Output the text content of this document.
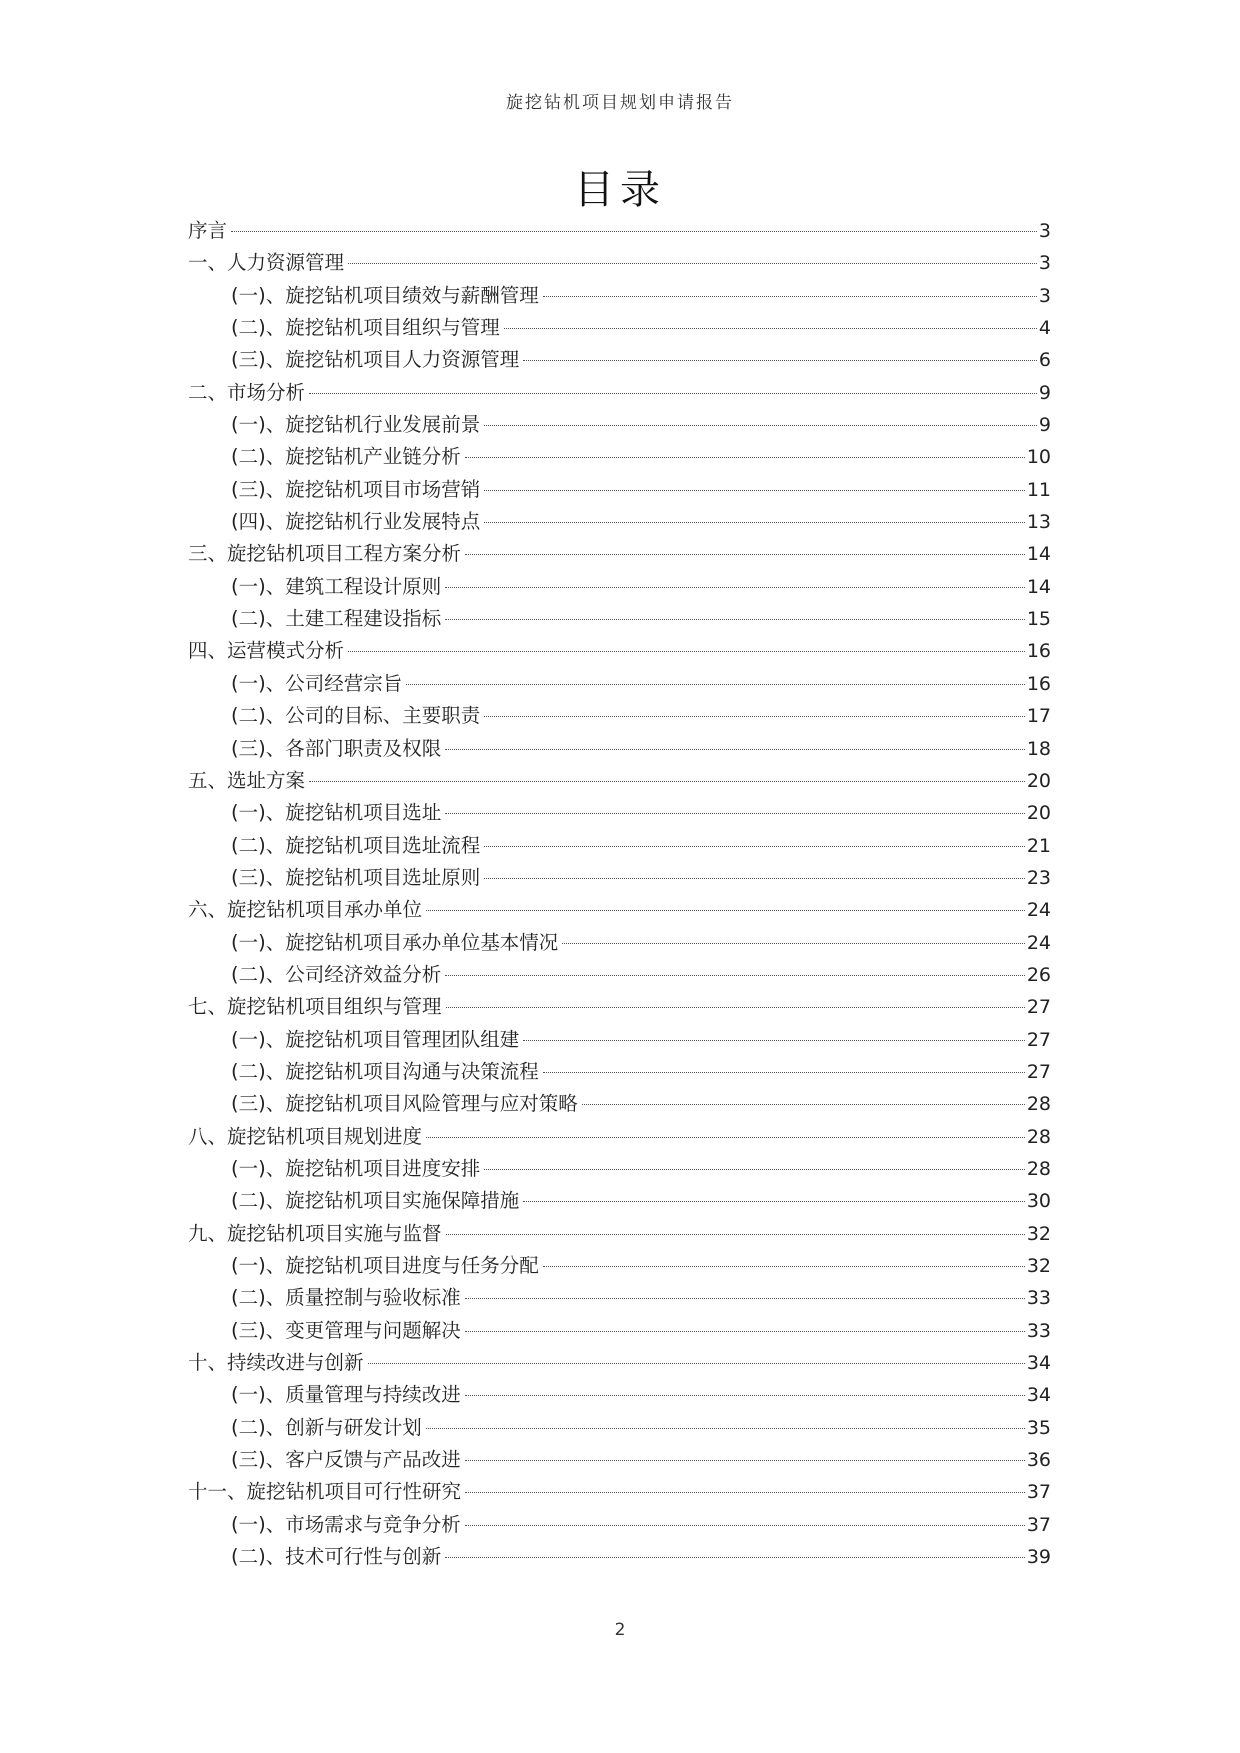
旋挖钻机项目规划申请报告
目录
序言	3
一、人力资源管理	3
(一)、旋挖钻机项目绩效与薪酬管理	3
(二)、旋挖钻机项目组织与管理	4
(三)、旋挖钻机项目人力资源管理	6
二、市场分析	9
(一)、旋挖钻机行业发展前景	9
(二)、旋挖钻机产业链分析	10
(三)、旋挖钻机项目市场营销	11
(四)、旋挖钻机行业发展特点	13
三、旋挖钻机项目工程方案分析	14
(一)、建筑工程设计原则	14
(二)、土建工程建设指标	15
四、运营模式分析	16
(一)、公司经营宗旨	16
(二)、公司的目标、主要职责	17
(三)、各部门职责及权限	18
五、选址方案	20
(一)、旋挖钻机项目选址	20
(二)、旋挖钻机项目选址流程	21
(三)、旋挖钻机项目选址原则	23
六、旋挖钻机项目承办单位	24
(一)、旋挖钻机项目承办单位基本情况	24
(二)、公司经济效益分析	26
七、旋挖钻机项目组织与管理	27
(一)、旋挖钻机项目管理团队组建	27
(二)、旋挖钻机项目沟通与决策流程	27
(三)、旋挖钻机项目风险管理与应对策略	28
八、旋挖钻机项目规划进度	28
(一)、旋挖钻机项目进度安排	28
(二)、旋挖钻机项目实施保障措施	30
九、旋挖钻机项目实施与监督	32
(一)、旋挖钻机项目进度与任务分配	32
(二)、质量控制与验收标准	33
(三)、变更管理与问题解决	33
十、持续改进与创新	34
(一)、质量管理与持续改进	34
(二)、创新与研发计划	35
(三)、客户反馈与产品改进	36
十一、旋挖钻机项目可行性研究	37
(一)、市场需求与竞争分析	37
(二)、技术可行性与创新	39
2
